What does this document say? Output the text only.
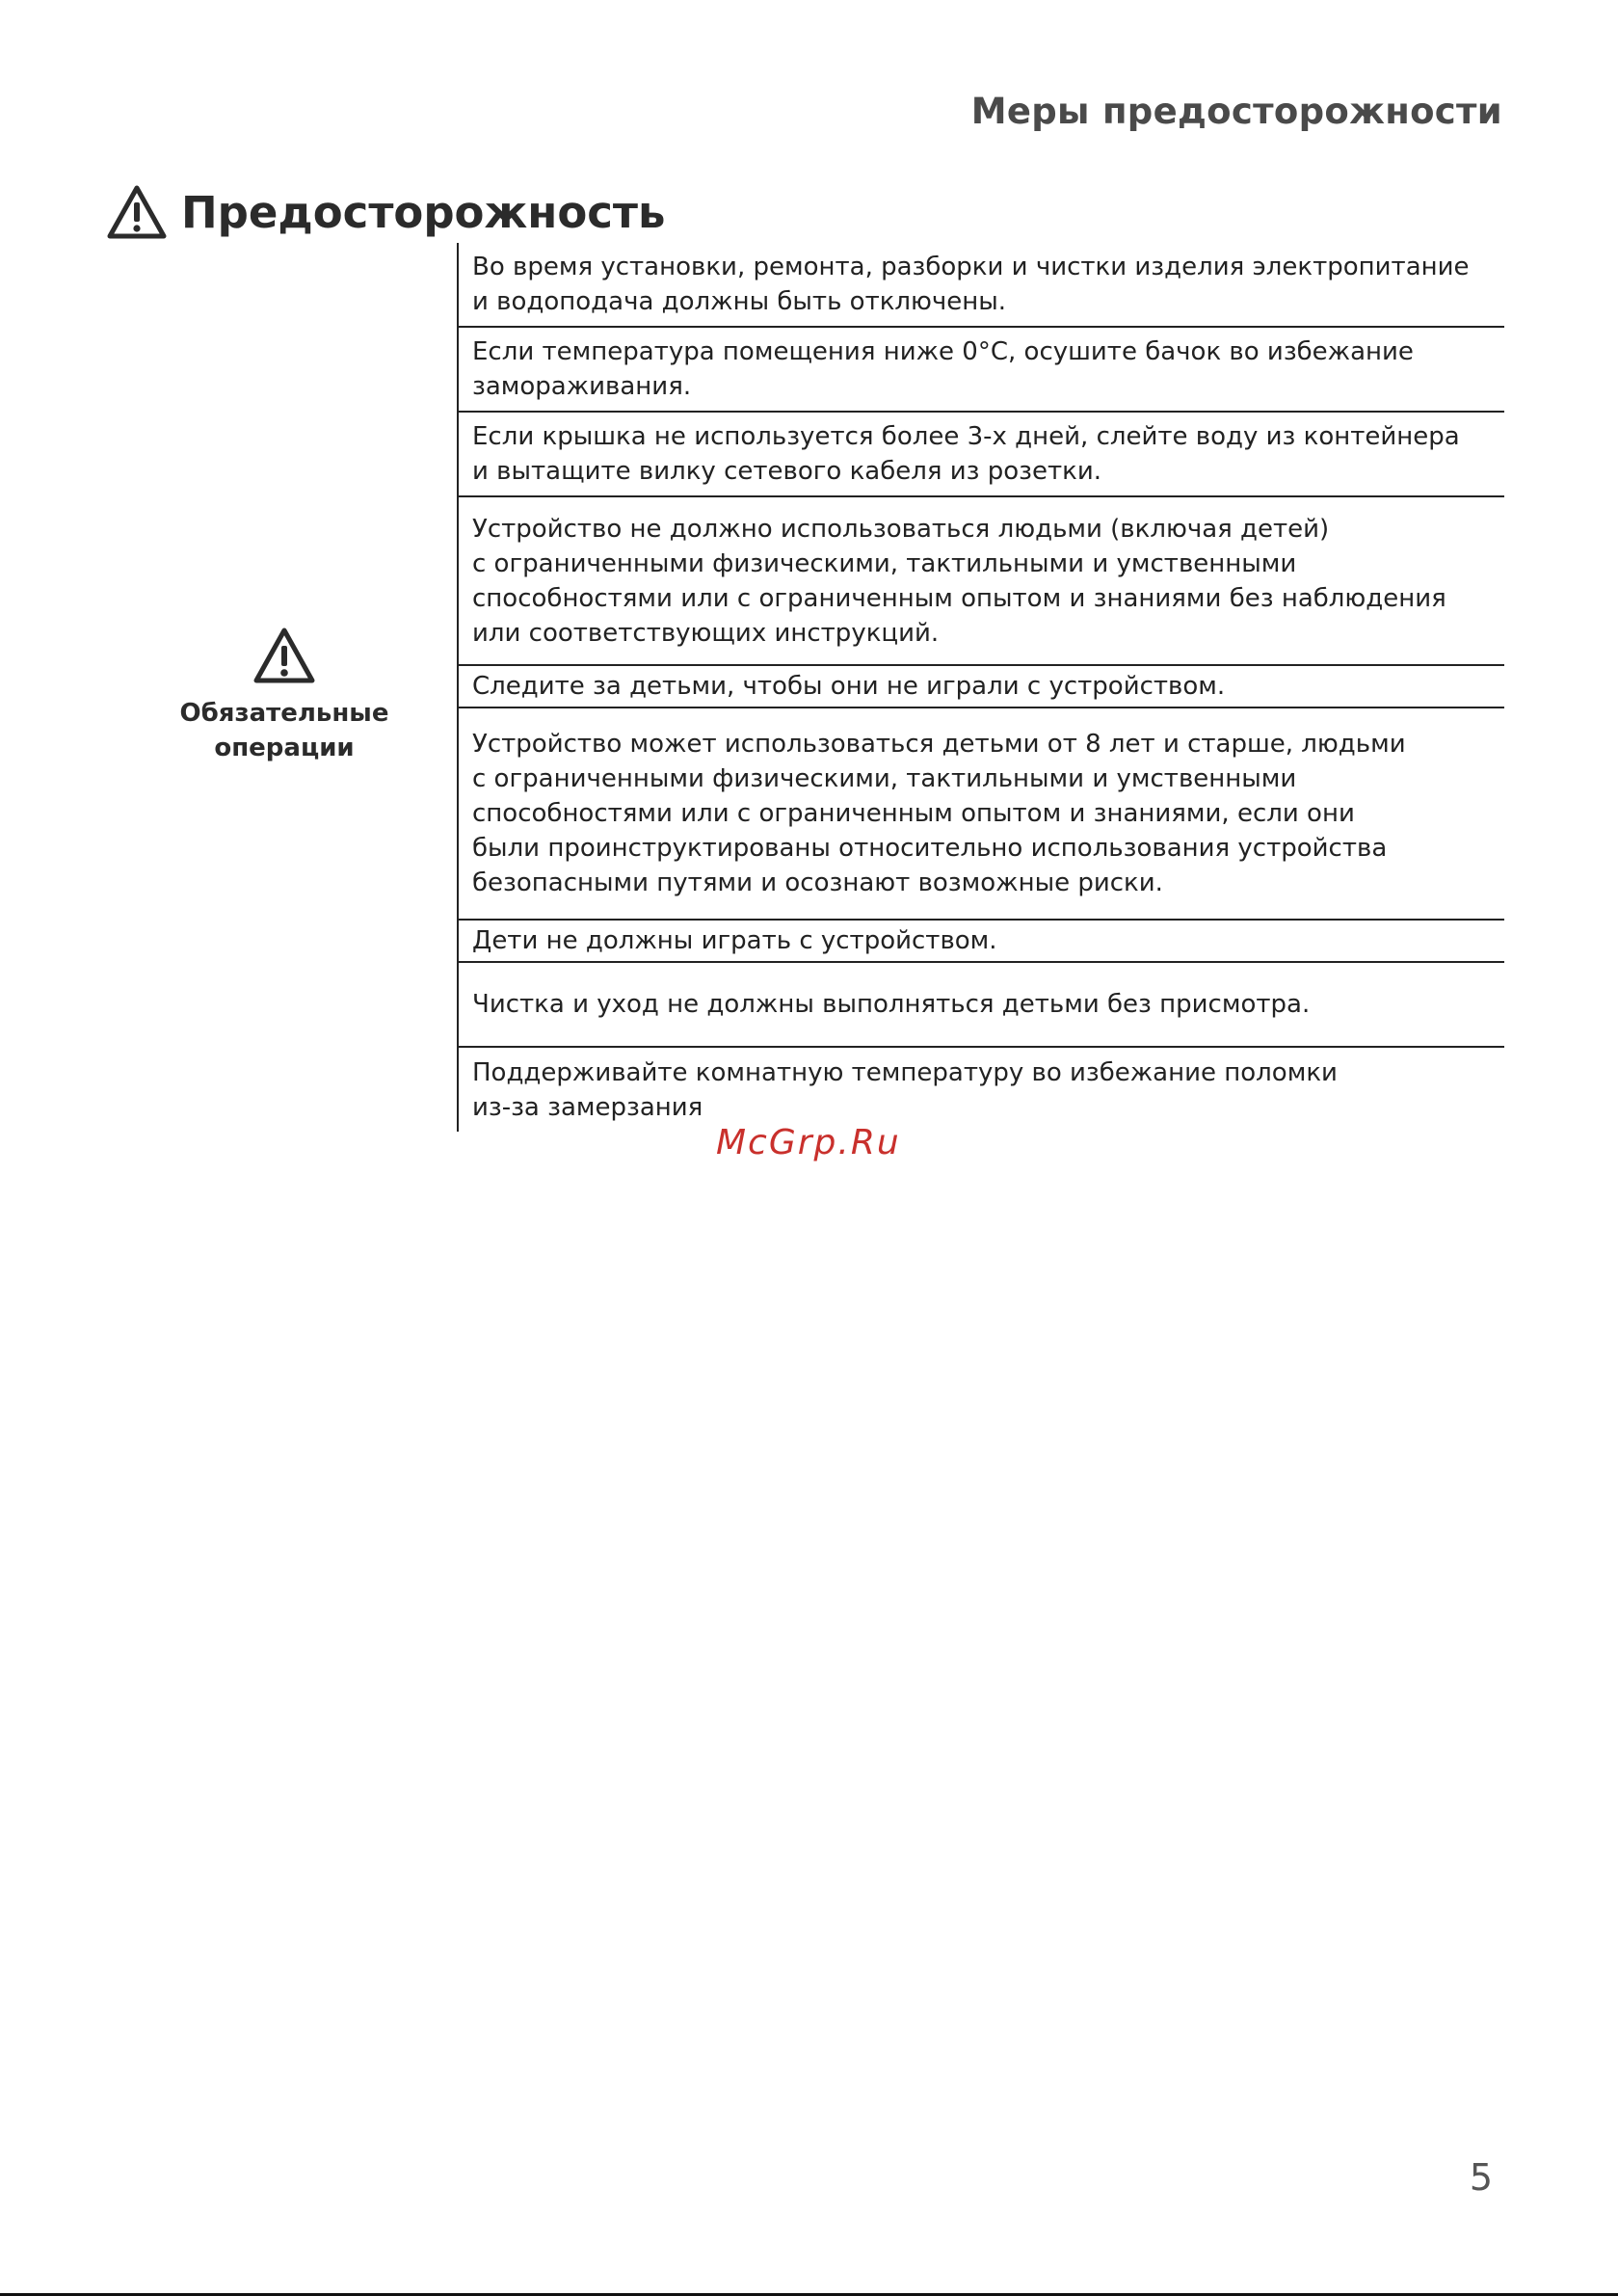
Меры предосторожности
Предосторожность
Обязательные
операции
Во время установки, ремонта, разборки и чистки изделия электропитание
и водоподача должны быть отключены.
Если температура помещения ниже 0°C, осушите бачок во избежание
замораживания.
Если крышка не используется более 3-х дней, слейте воду из контейнера
и вытащите вилку сетевого кабеля из розетки.
Устройство не должно использоваться людьми (включая детей)
с ограниченными физическими, тактильными и умственными
способностями или с ограниченным опытом и знаниями без наблюдения
или соответствующих инструкций.
Следите за детьми, чтобы они не играли с устройством.
Устройство может использоваться детьми от 8 лет и старше, людьми
с ограниченными физическими, тактильными и умственными
способностями или с ограниченным опытом и знаниями, если они
были проинструктированы относительно использования устройства
безопасными путями и осознают возможные риски.
Дети не должны играть с устройством.
Чистка и уход не должны выполняться детьми без присмотра.
Поддерживайте комнатную температуру во избежание поломки
из-за замерзания
McGrp.Ru
5
